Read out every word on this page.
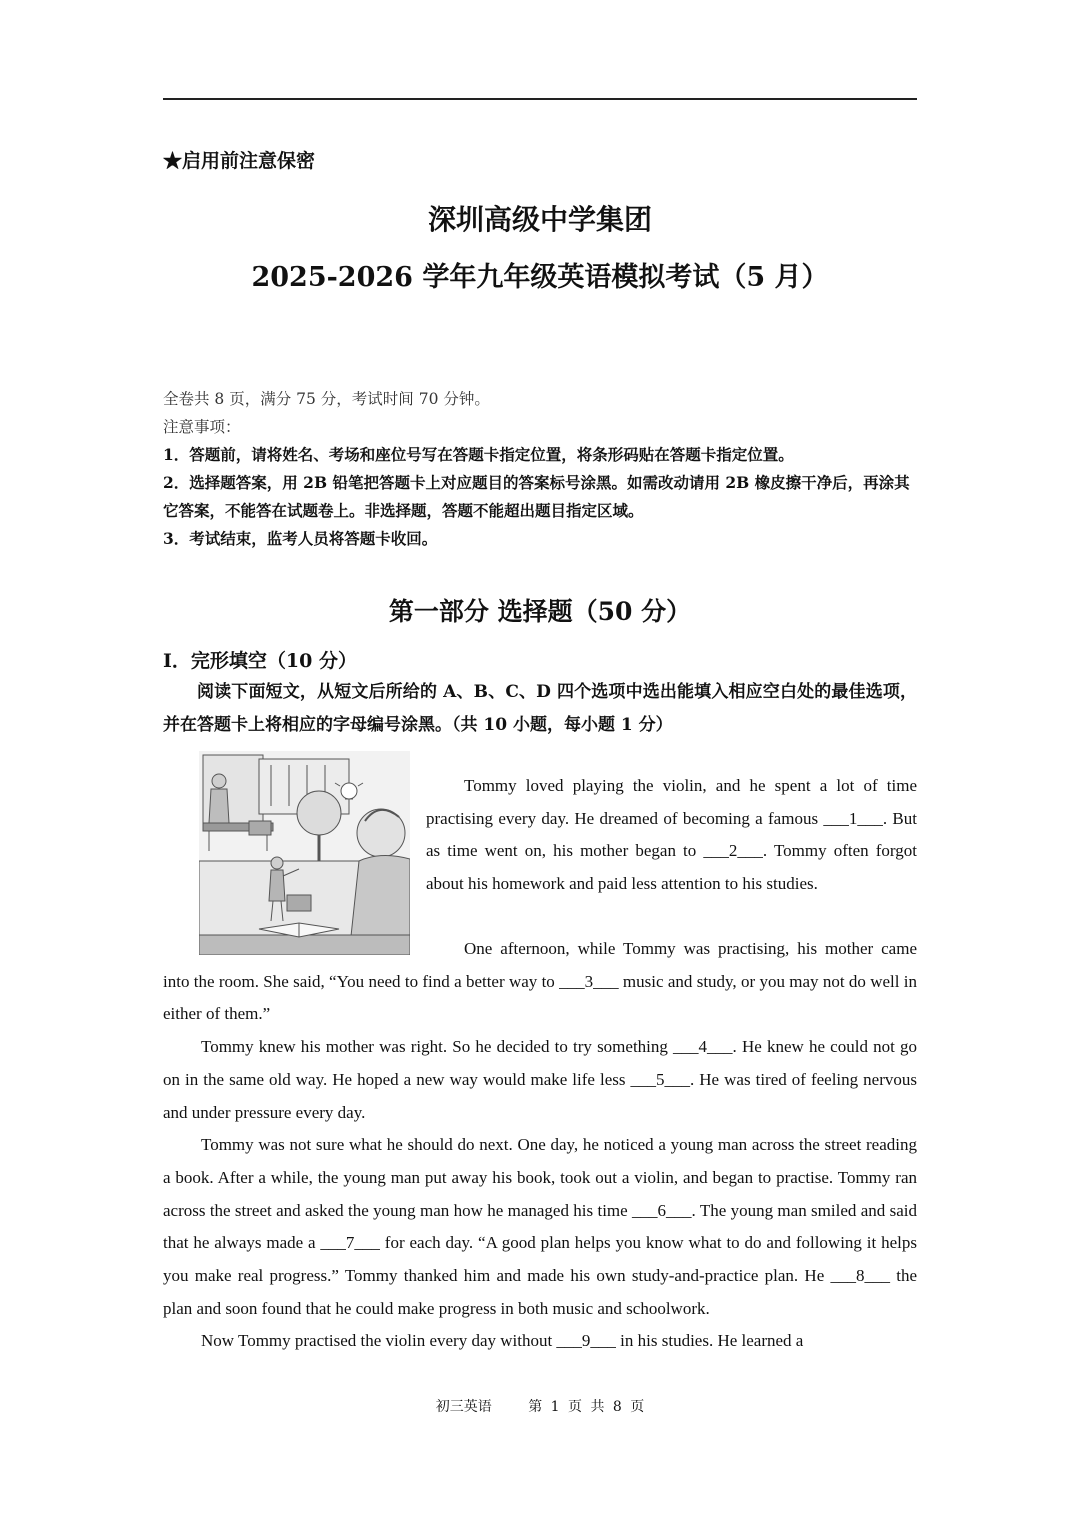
★启用前注意保密
深圳高级中学集团
2025-2026 学年九年级英语模拟考试（5 月）
全卷共 8 页，满分 75 分，考试时间 70 分钟。
注意事项：
1．答题前，请将姓名、考场和座位号写在答题卡指定位置，将条形码贴在答题卡指定位置。
2．选择题答案，用 2B 铅笔把答题卡上对应题目的答案标号涂黑。如需改动请用 2B 橡皮擦干净后，再涂其它答案，不能答在试题卷上。非选择题，答题不能超出题目指定区域。
3．考试结束，监考人员将答题卡收回。
第一部分 选择题（50 分）
I．完形填空（10 分）
阅读下面短文，从短文后所给的 A、B、C、D 四个选项中选出能填入相应空白处的最佳选项，并在答题卡上将相应的字母编号涂黑。（共 10 小题，每小题 1 分）

Tommy loved playing the violin, and he spent a lot of time practising every day. He dreamed of becoming a famous ___1___. But as time went on, his mother began to ___2___. Tommy often forgot about his homework and paid less attention to his studies.

One afternoon, while Tommy was practising, his mother came into the room. She said, “You need to find a better way to ___3___ music and study, or you may not do well in either of them.”

Tommy knew his mother was right. So he decided to try something ___4___. He knew he could not go on in the same old way. He hoped a new way would make life less ___5___. He was tired of feeling nervous and under pressure every day.

Tommy was not sure what he should do next. One day, he noticed a young man across the street reading a book. After a while, the young man put away his book, took out a violin, and began to practise. Tommy ran across the street and asked the young man how he managed his time ___6___. The young man smiled and said that he always made a ___7___ for each day. “A good plan helps you know what to do and following it helps you make real progress.” Tommy thanked him and made his own study-and-practice plan. He ___8___ the plan and soon found that he could make progress in both music and schoolwork.

Now Tommy practised the violin every day without ___9___ in his studies. He learned a

初三英语	第 1 页 共 8 页
